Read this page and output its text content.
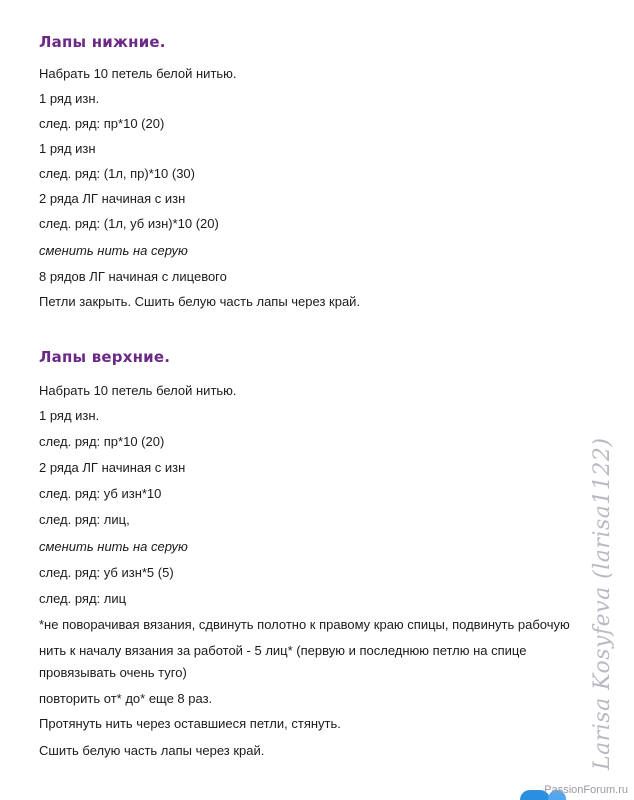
Лапы нижние.
Набрать 10 петель белой нитью.
1 ряд изн.
след. ряд: пр*10 (20)
1 ряд изн
след. ряд: (1л, пр)*10 (30)
2 ряда ЛГ начиная с изн
след. ряд: (1л, уб изн)*10 (20)
сменить нить на серую
8 рядов ЛГ начиная с лицевого
Петли закрыть. Сшить белую часть лапы через край.
Лапы верхние.
Набрать 10 петель белой нитью.
1 ряд изн.
след. ряд: пр*10 (20)
2 ряда ЛГ начиная с изн
след. ряд: уб изн*10
след. ряд: лиц,
сменить нить на серую
след. ряд: уб изн*5 (5)
след. ряд: лиц
*не поворачивая вязания, сдвинуть полотно к правому краю спицы, подвинуть рабочую
нить к началу вязания за работой - 5 лиц* (первую и последнюю петлю на спице
провязывать очень туго)
повторить от* до* еще 8 раз.
Протянуть нить через оставшиеся петли, стянуть.
Сшить белую часть лапы через край.	Larisa Kosyfeva (larisa1122)
PassionForum.ru
